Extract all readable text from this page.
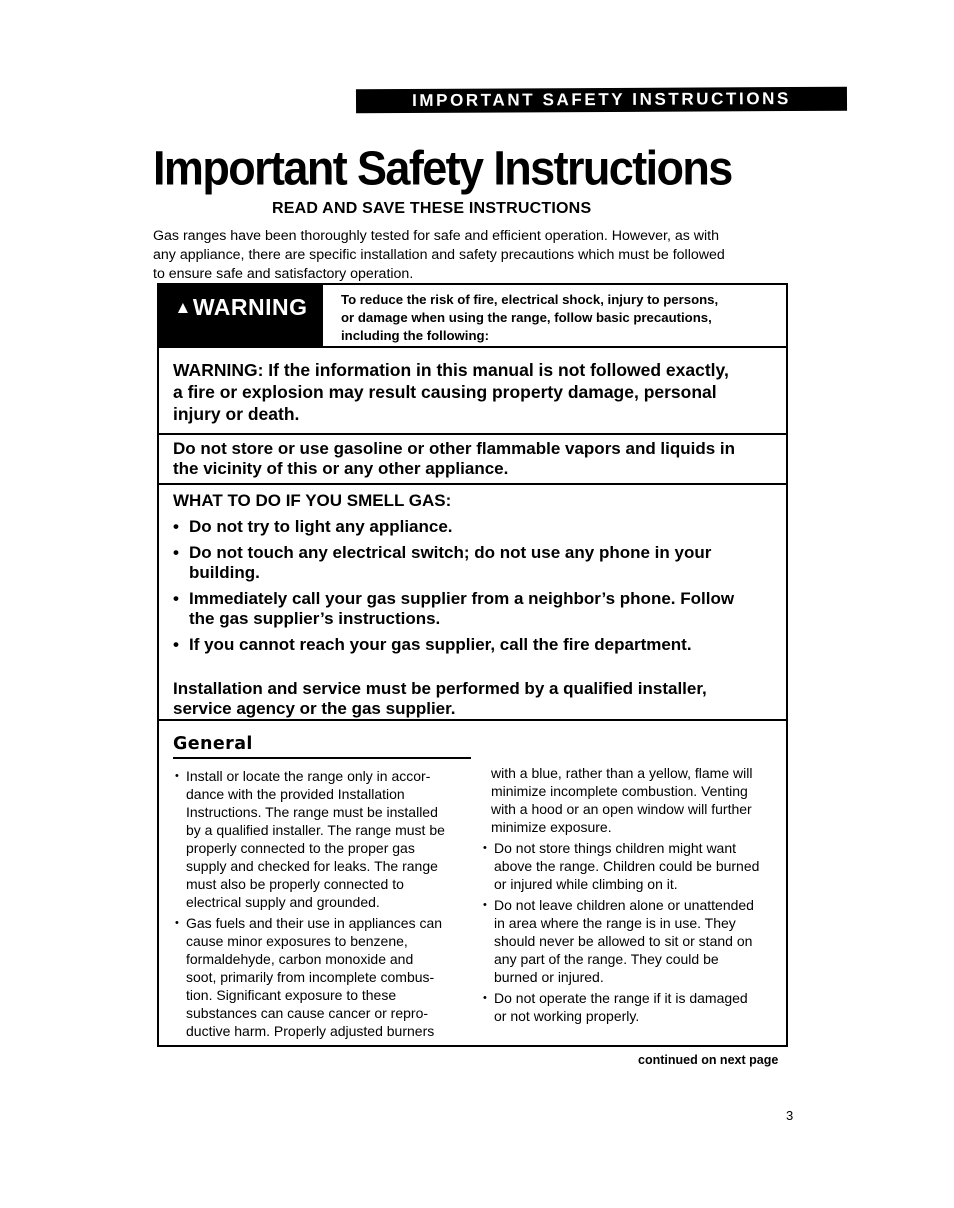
IMPORTANT SAFETY INSTRUCTIONS
Important Safety Instructions
READ AND SAVE THESE INSTRUCTIONS

Gas ranges have been thoroughly tested for safe and efficient operation. However, as with
any appliance, there are specific installation and safety precautions which must be followed
to ensure safe and satisfactory operation.

▲WARNING	To reduce the risk of fire, electrical shock, injury to persons,
or damage when using the range, follow basic precautions,
including the following:
WARNING: If the information in this manual is not followed exactly,
a fire or explosion may result causing property damage, personal
injury or death.
Do not store or use gasoline or other flammable vapors and liquids in
the vicinity of this or any other appliance.
WHAT TO DO IF YOU SMELL GAS:
• Do not try to light any appliance.
• Do not touch any electrical switch; do not use any phone in your
building.
• Immediately call your gas supplier from a neighbor’s phone. Follow
the gas supplier’s instructions.
• If you cannot reach your gas supplier, call the fire department.
Installation and service must be performed by a qualified installer,
service agency or the gas supplier.
General
• Install or locate the range only in accor-
dance with the provided Installation
Instructions. The range must be installed
by a qualified installer. The range must be
properly connected to the proper gas
supply and checked for leaks. The range
must also be properly connected to
electrical supply and grounded.
• Gas fuels and their use in appliances can
cause minor exposures to benzene,
formaldehyde, carbon monoxide and
soot, primarily from incomplete combus-
tion. Significant exposure to these
substances can cause cancer or repro-
ductive harm. Properly adjusted burners
with a blue, rather than a yellow, flame will
minimize incomplete combustion. Venting
with a hood or an open window will further
minimize exposure.
• Do not store things children might want
above the range. Children could be burned
or injured while climbing on it.
• Do not leave children alone or unattended
in area where the range is in use. They
should never be allowed to sit or stand on
any part of the range. They could be
burned or injured.
• Do not operate the range if it is damaged
or not working properly.
continued on next page
3
